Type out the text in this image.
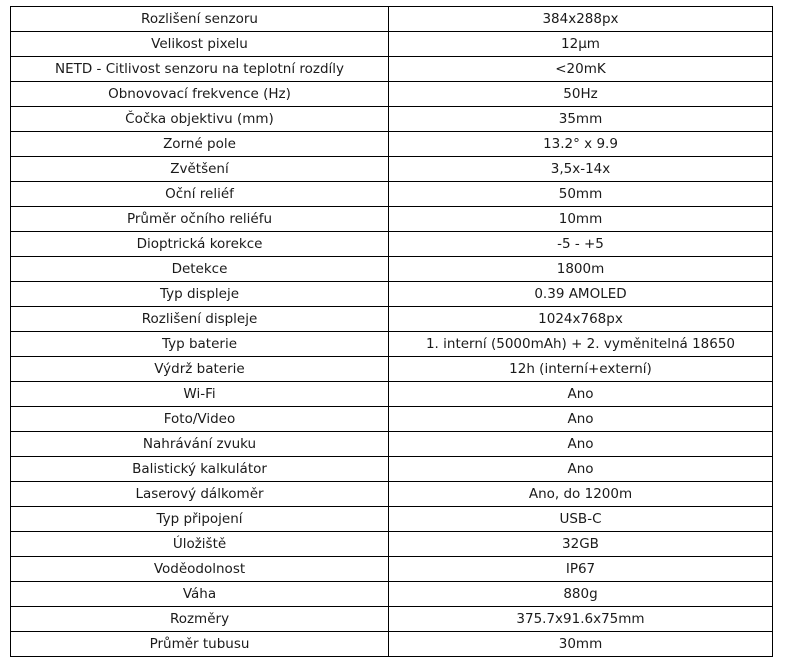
Rozlišení senzoru	384x288px
Velikost pixelu	12μm
NETD - Citlivost senzoru na teplotní rozdíly	<20mK
Obnovovací frekvence (Hz)	50Hz
Čočka objektivu (mm)	35mm
Zorné pole	13.2° x 9.9
Zvětšení	3,5x-14x
Oční reliéf	50mm
Průměr očního reliéfu	10mm
Dioptrická korekce	-5 - +5
Detekce	1800m
Typ displeje	0.39 AMOLED
Rozlišení displeje	1024x768px
Typ baterie	1. interní (5000mAh) + 2. vyměnitelná 18650
Výdrž baterie	12h (interní+externí)
Wi-Fi	Ano
Foto/Video	Ano
Nahrávání zvuku	Ano
Balistický kalkulátor	Ano
Laserový dálkoměr	Ano, do 1200m
Typ připojení	USB-C
Úložiště	32GB
Voděodolnost	IP67
Váha	880g
Rozměry	375.7x91.6x75mm
Průměr tubusu	30mm
